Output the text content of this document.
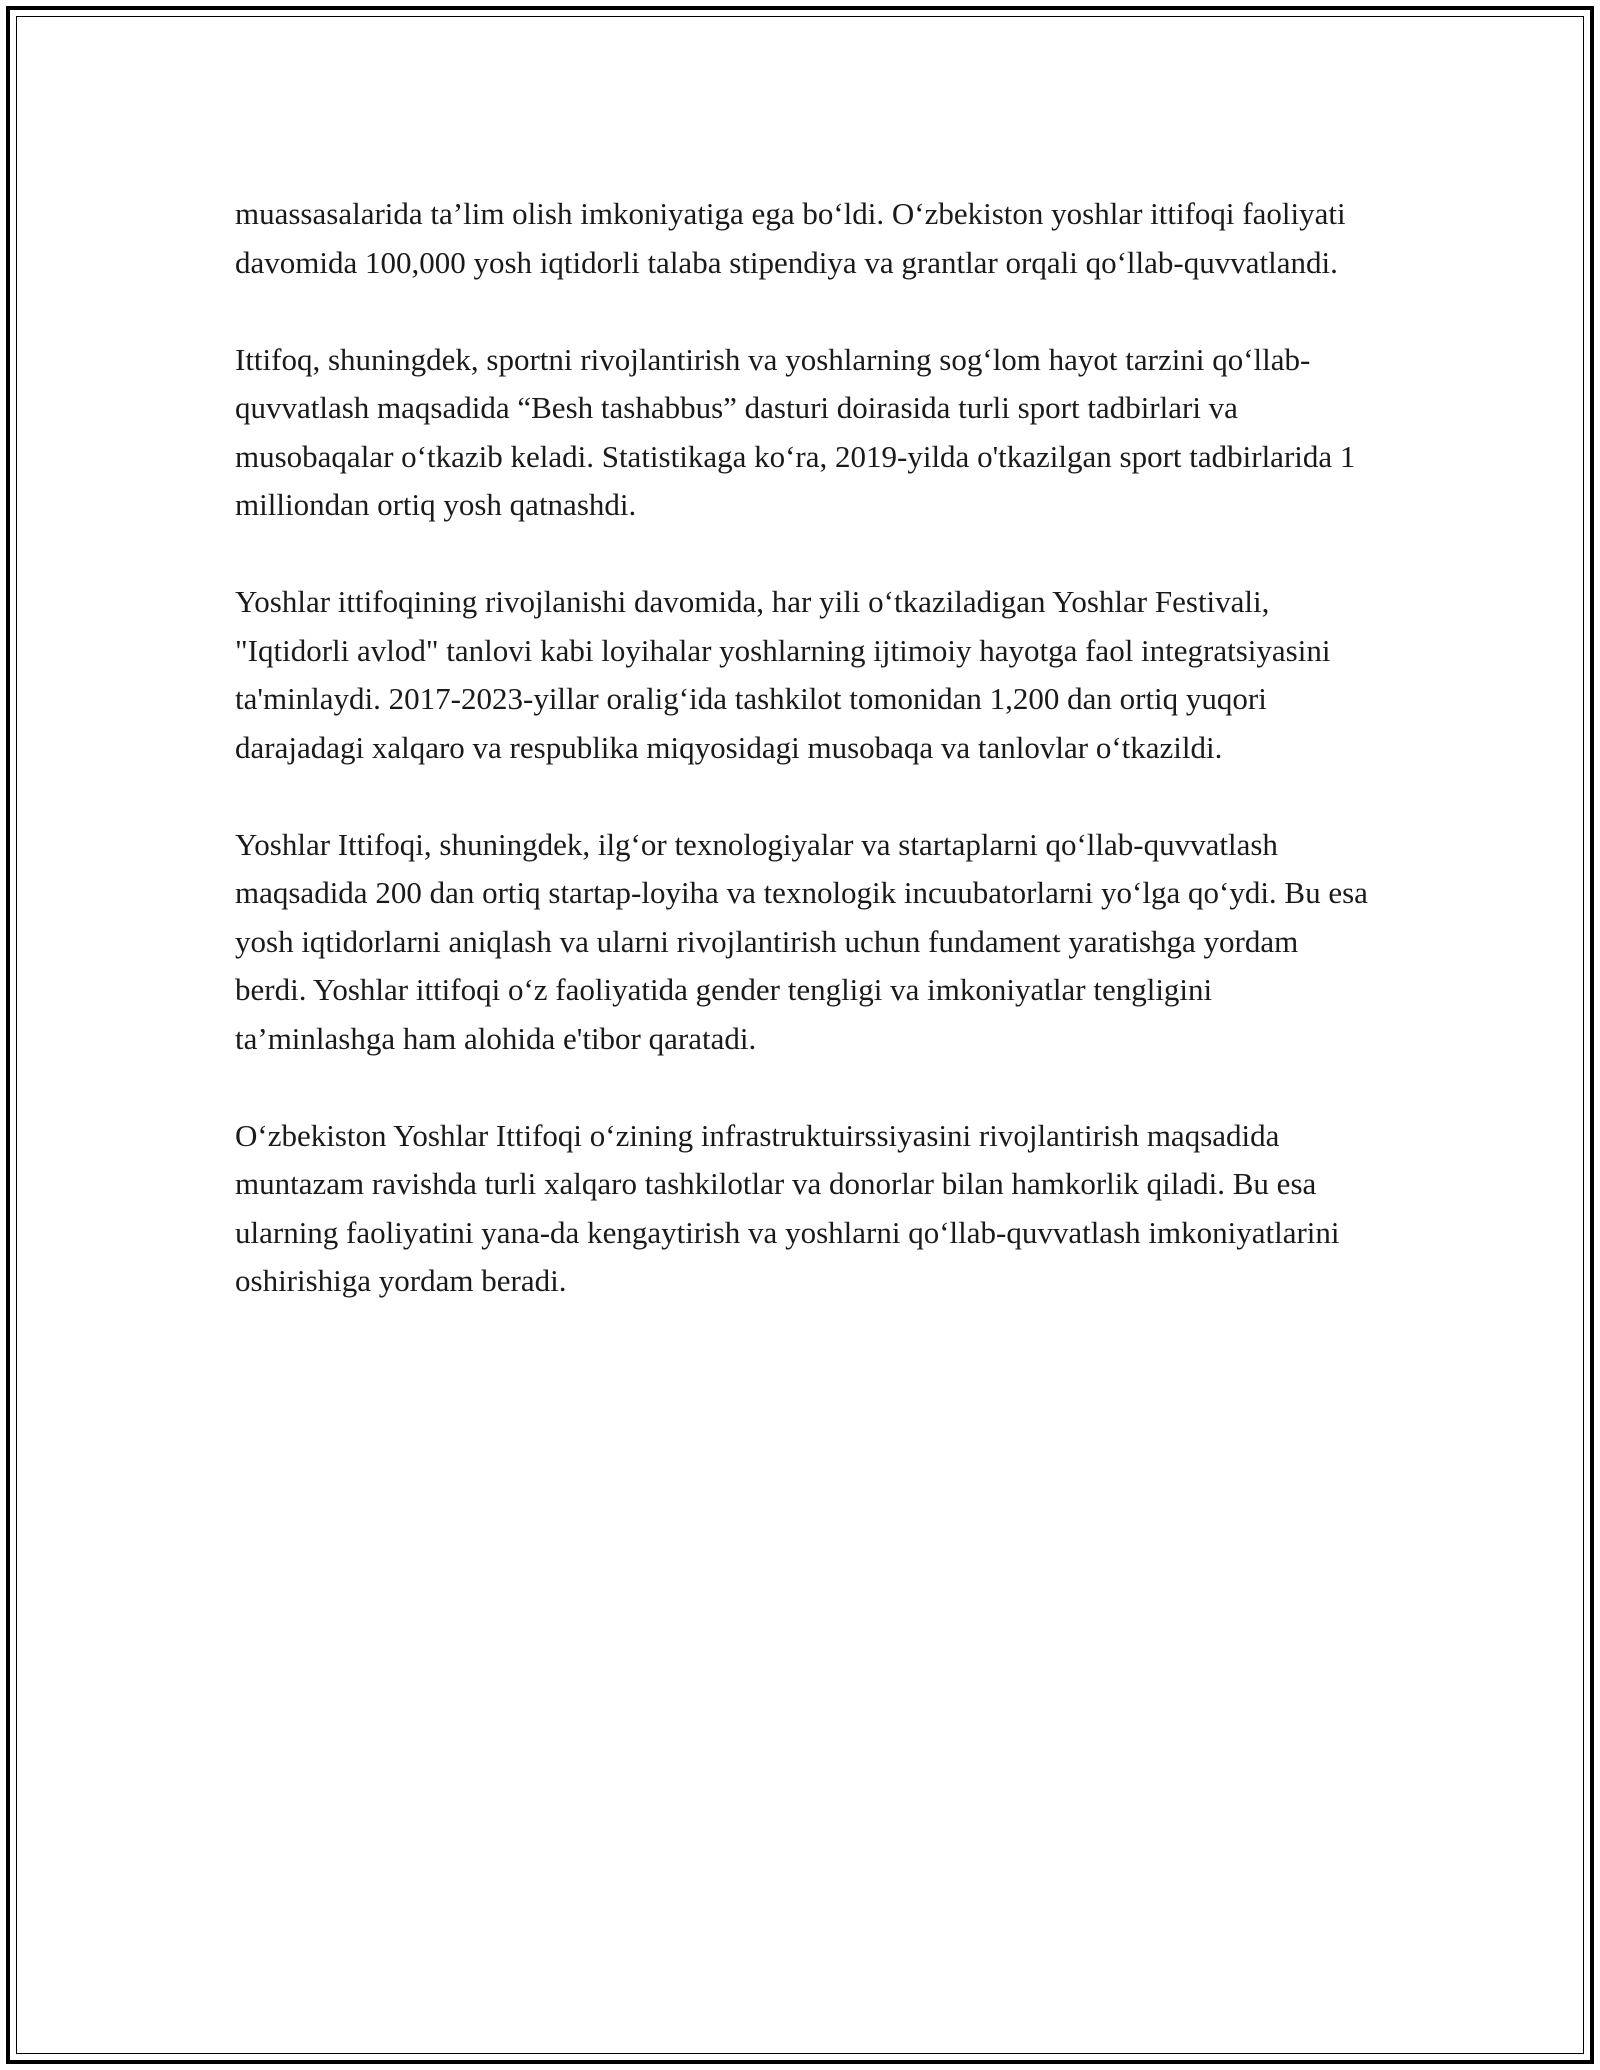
muassasalarida ta’lim olish imkoniyatiga ega bo‘ldi. O‘zbekiston yoshlar ittifoqi faoliyati davomida 100,000 yosh iqtidorli talaba stipendiya va grantlar orqali qo‘llab-quvvatlandi.

Ittifoq, shuningdek, sportni rivojlantirish va yoshlarning sog‘lom hayot tarzini qo‘llab-quvvatlash maqsadida “Besh tashabbus” dasturi doirasida turli sport tadbirlari va musobaqalar o‘tkazib keladi. Statistikaga ko‘ra, 2019-yilda o'tkazilgan sport tadbirlarida 1 milliondan ortiq yosh qatnashdi.

Yoshlar ittifoqining rivojlanishi davomida, har yili o‘tkaziladigan Yoshlar Festivali, "Iqtidorli avlod" tanlovi kabi loyihalar yoshlarning ijtimoiy hayotga faol integratsiyasini ta'minlaydi. 2017-2023-yillar oralig‘ida tashkilot tomonidan 1,200 dan ortiq yuqori darajadagi xalqaro va respublika miqyosidagi musobaqa va tanlovlar o‘tkazildi.

Yoshlar Ittifoqi, shuningdek, ilg‘or texnologiyalar va startaplarni qo‘llab-quvvatlash maqsadida 200 dan ortiq startap-loyiha va texnologik incuubatorlarni yo‘lga qo‘ydi. Bu esa yosh iqtidorlarni aniqlash va ularni rivojlantirish uchun fundament yaratishga yordam berdi. Yoshlar ittifoqi o‘z faoliyatida gender tengligi va imkoniyatlar tengligini ta’minlashga ham alohida e'tibor qaratadi.

O‘zbekiston Yoshlar Ittifoqi o‘zining infrastruktuirssiyasini rivojlantirish maqsadida muntazam ravishda turli xalqaro tashkilotlar va donorlar bilan hamkorlik qiladi. Bu esa ularning faoliyatini yana-da kengaytirish va yoshlarni qo‘llab-quvvatlash imkoniyatlarini oshirishiga yordam beradi.
